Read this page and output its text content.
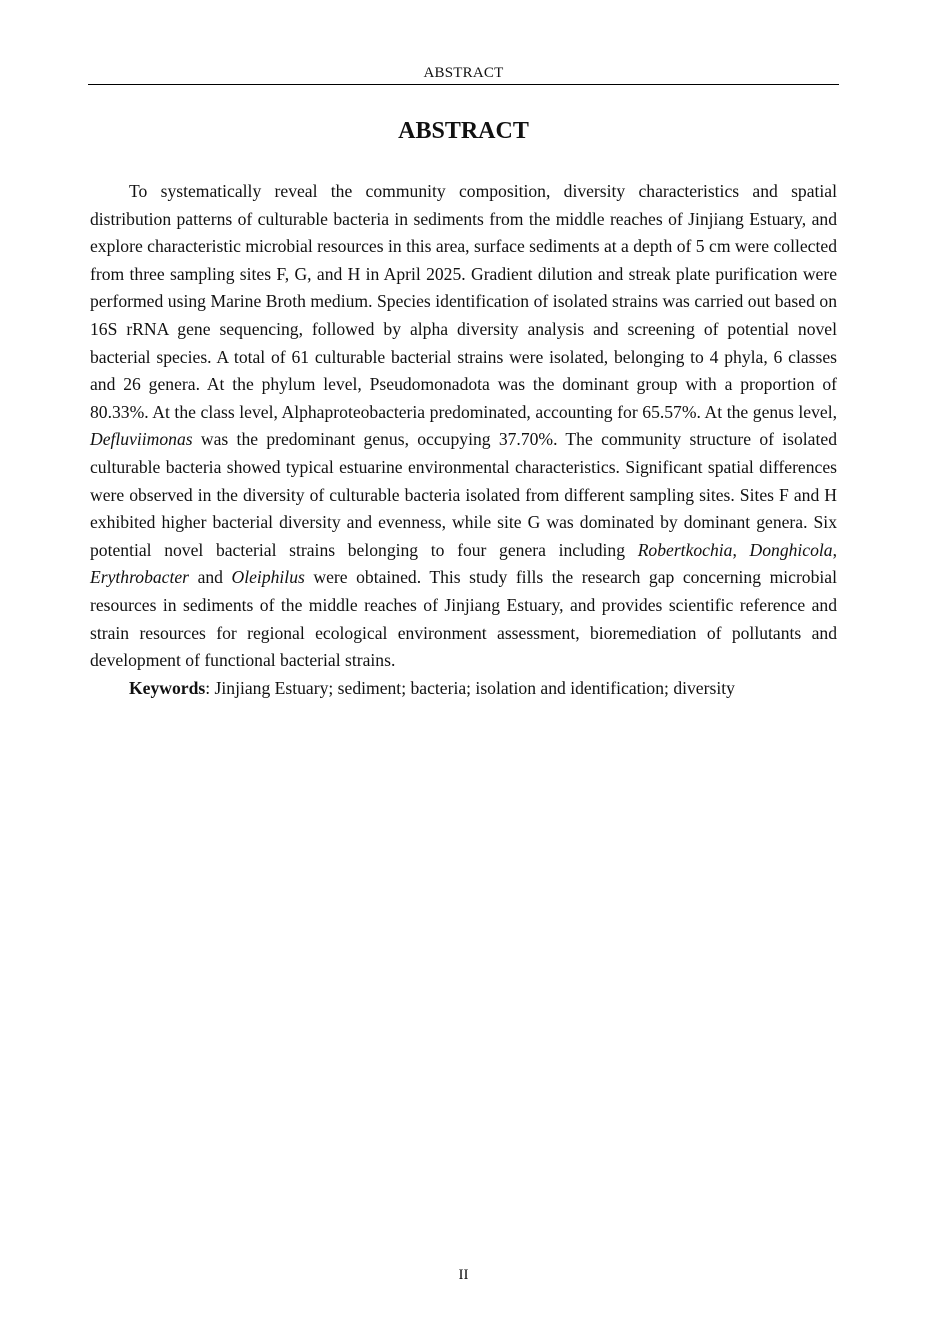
ABSTRACT
ABSTRACT

To systematically reveal the community composition, diversity characteristics and spatial distribution patterns of culturable bacteria in sediments from the middle reaches of Jinjiang Estuary, and explore characteristic microbial resources in this area, surface sediments at a depth of 5 cm were collected from three sampling sites F, G, and H in April 2025. Gradient dilution and streak plate purification were performed using Marine Broth medium. Species identification of isolated strains was carried out based on 16S rRNA gene sequencing, followed by alpha diversity analysis and screening of potential novel bacterial species. A total of 61 culturable bacterial strains were isolated, belonging to 4 phyla, 6 classes and 26 genera. At the phylum level, Pseudomonadota was the dominant group with a proportion of 80.33%. At the class level, Alphaproteobacteria predominated, accounting for 65.57%. At the genus level, Defluviimonas was the predominant genus, occupying 37.70%. The community structure of isolated culturable bacteria showed typical estuarine environmental characteristics. Significant spatial differences were observed in the diversity of culturable bacteria isolated from different sampling sites. Sites F and H exhibited higher bacterial diversity and evenness, while site G was dominated by dominant genera. Six potential novel bacterial strains belonging to four genera including Robertkochia, Donghicola, Erythrobacter and Oleiphilus were obtained. This study fills the research gap concerning microbial resources in sediments of the middle reaches of Jinjiang Estuary, and provides scientific reference and strain resources for regional ecological environment assessment, bioremediation of pollutants and development of functional bacterial strains.

Keywords: Jinjiang Estuary; sediment; bacteria; isolation and identification; diversity

II
